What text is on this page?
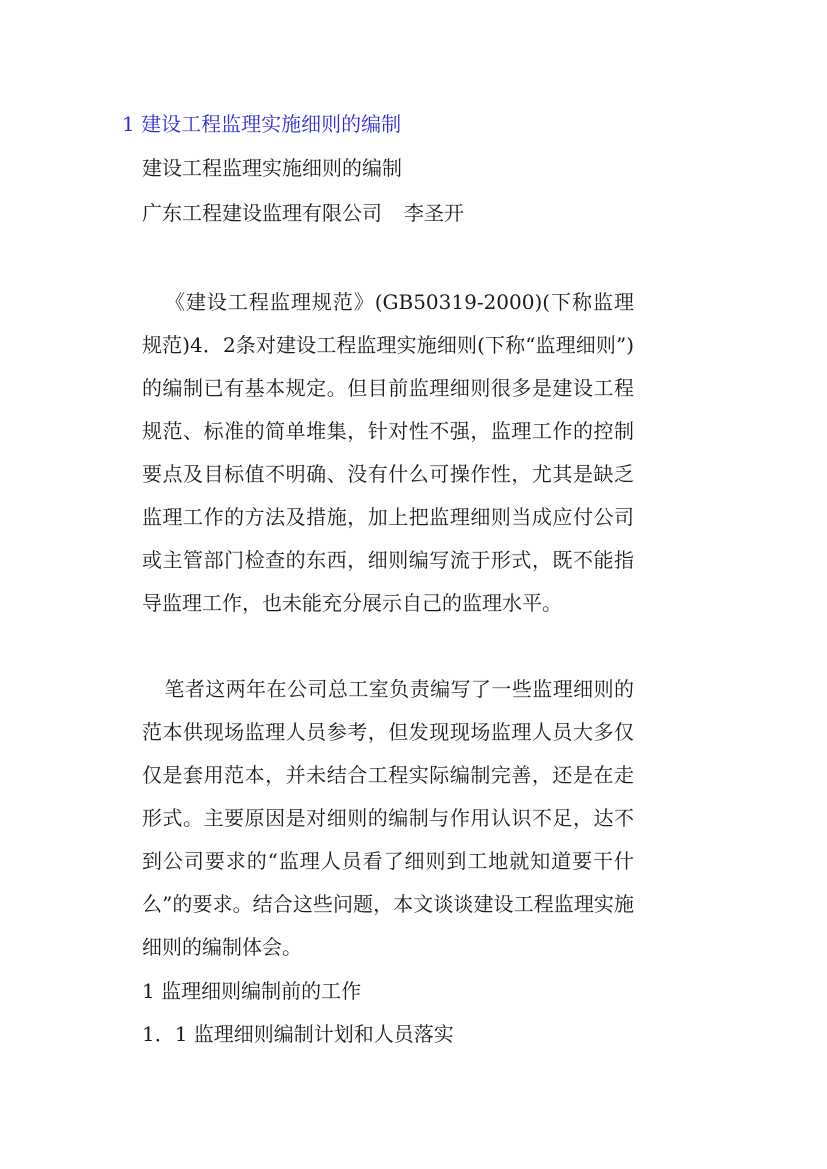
1 建设工程监理实施细则的编制
建设工程监理实施细则的编制
广东工程建设监理有限公司 李圣开
《建设工程监理规范》(GB50319-2000)(下称监理规范)4．2条对建设工程监理实施细则(下称“监理细则”)的编制已有基本规定。但目前监理细则很多是建设工程规范、标准的简单堆集，针对性不强，监理工作的控制要点及目标值不明确、没有什么可操作性，尤其是缺乏监理工作的方法及措施，加上把监理细则当成应付公司或主管部门检查的东西，细则编写流于形式，既不能指导监理工作，也未能充分展示自己的监理水平。
笔者这两年在公司总工室负责编写了一些监理细则的范本供现场监理人员参考，但发现现场监理人员大多仅仅是套用范本，并未结合工程实际编制完善，还是在走形式。主要原因是对细则的编制与作用认识不足，达不到公司要求的“监理人员看了细则到工地就知道要干什么”的要求。结合这些问题，本文谈谈建设工程监理实施细则的编制体会。
1 监理细则编制前的工作
1．1 监理细则编制计划和人员落实
